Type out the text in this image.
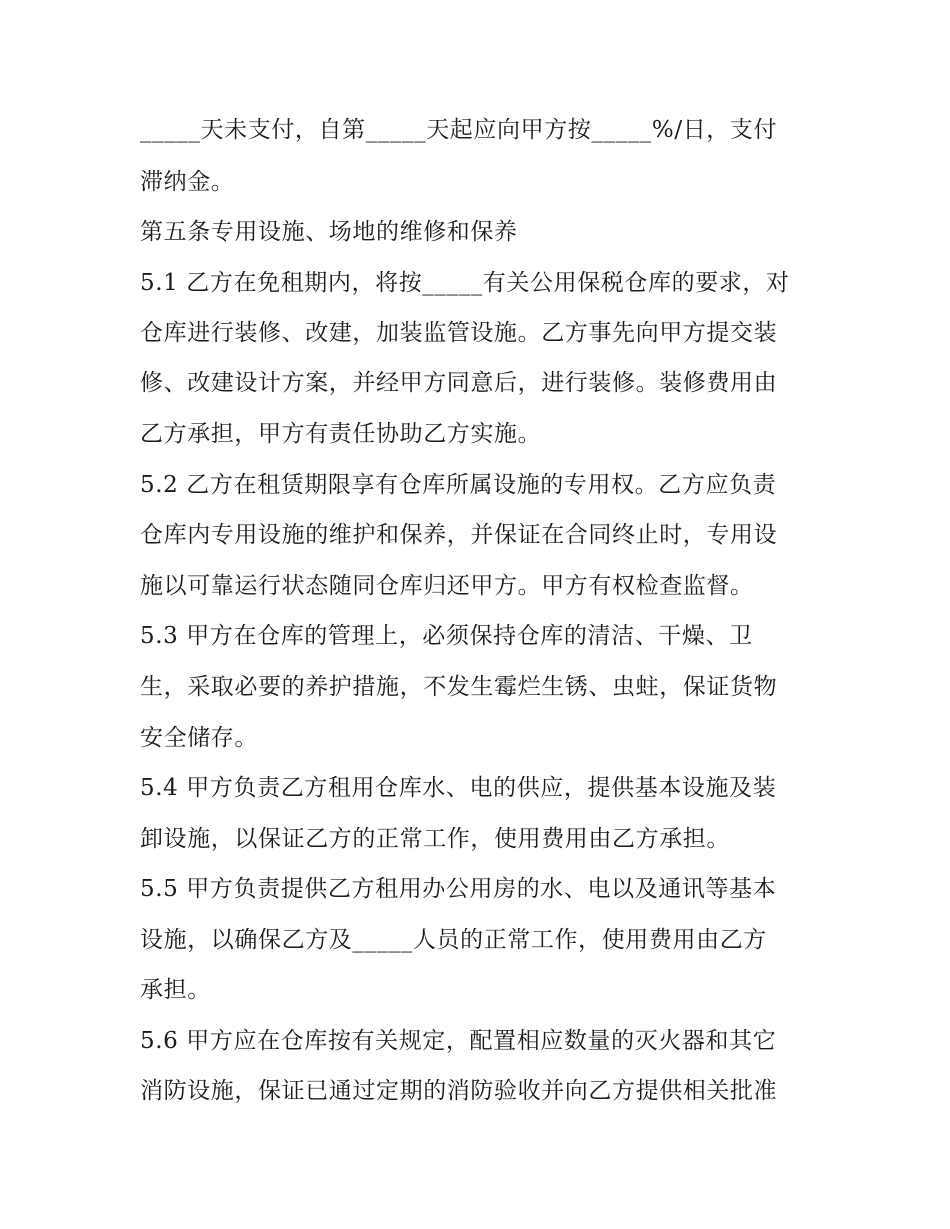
_____天未支付，自第_____天起应向甲方按_____%/日，支付
滞纳金。
第五条专用设施、场地的维修和保养
5.1 乙方在免租期内，将按_____有关公用保税仓库的要求，对
仓库进行装修、改建，加装监管设施。乙方事先向甲方提交装
修、改建设计方案，并经甲方同意后，进行装修。装修费用由
乙方承担，甲方有责任协助乙方实施。
5.2 乙方在租赁期限享有仓库所属设施的专用权。乙方应负责
仓库内专用设施的维护和保养，并保证在合同终止时，专用设
施以可靠运行状态随同仓库归还甲方。甲方有权检查监督。
5.3 甲方在仓库的管理上，必须保持仓库的清洁、干燥、卫
生，采取必要的养护措施，不发生霉烂生锈、虫蛀，保证货物
安全储存。
5.4 甲方负责乙方租用仓库水、电的供应，提供基本设施及装
卸设施，以保证乙方的正常工作，使用费用由乙方承担。
5.5 甲方负责提供乙方租用办公用房的水、电以及通讯等基本
设施，以确保乙方及_____人员的正常工作，使用费用由乙方
承担。
5.6 甲方应在仓库按有关规定，配置相应数量的灭火器和其它
消防设施，保证已通过定期的消防验收并向乙方提供相关批准
